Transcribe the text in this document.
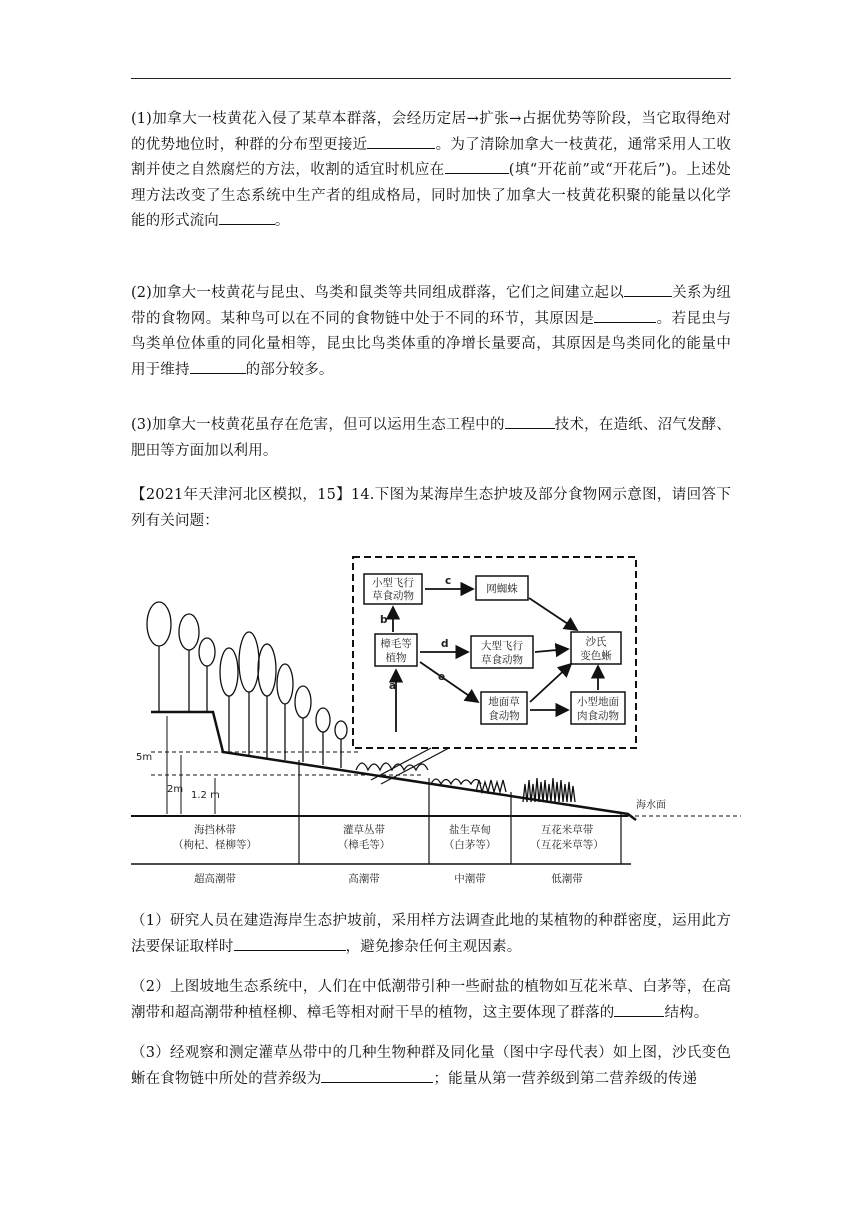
(1)加拿大一枝黄花入侵了某草本群落，会经历定居→扩张→占据优势等阶段，当它取得绝对的优势地位时，种群的分布型更接近	。为了清除加拿大一枝黄花，通常采用人工收割并使之自然腐烂的方法，收割的适宜时机应在	(填“开花前”或“开花后”)。上述处理方法改变了生态系统中生产者的组成格局，同时加快了加拿大一枝黄花积聚的能量以化学能的形式流向	。

(2)加拿大一枝黄花与昆虫、鸟类和鼠类等共同组成群落，它们之间建立起以	关系为纽带的食物网。某种鸟可以在不同的食物链中处于不同的环节，其原因是	。若昆虫与鸟类单位体重的同化量相等，昆虫比鸟类体重的净增长量要高，其原因是鸟类同化的能量中用于维持	的部分较多。

(3)加拿大一枝黄花虽存在危害，但可以运用生态工程中的	技术，在造纸、沼气发酵、肥田等方面加以利用。

【2021年天津河北区模拟，15】14.下图为某海岸生态护坡及部分食物网示意图，请回答下列有关问题：

小型飞行
草食动物
网蜘蛛
樟毛等
植物
大型飞行
草食动物
沙氏
变色蜥
地面草
食动物
小型地面
肉食动物
a
b
c
d
e
5m
2m
1.2 m
海水面
海挡林带
（枸杞、柽柳等）
超高潮带
灌草丛带
（樟毛等）
高潮带
盐生草甸
（白茅等）
中潮带
互花米草带
（互花米草等）
低潮带

（1）研究人员在建造海岸生态护坡前，采用样方法调查此地的某植物的种群密度，运用此方法要保证取样时	，避免掺杂任何主观因素。

（2）上图坡地生态系统中，人们在中低潮带引种一些耐盐的植物如互花米草、白茅等，在高潮带和超高潮带种植柽柳、樟毛等相对耐干旱的植物，这主要体现了群落的	结构。

（3）经观察和测定灌草丛带中的几种生物种群及同化量（图中字母代表）如上图，沙氏变色蜥在食物链中所处的营养级为	；能量从第一营养级到第二营养级的传递
